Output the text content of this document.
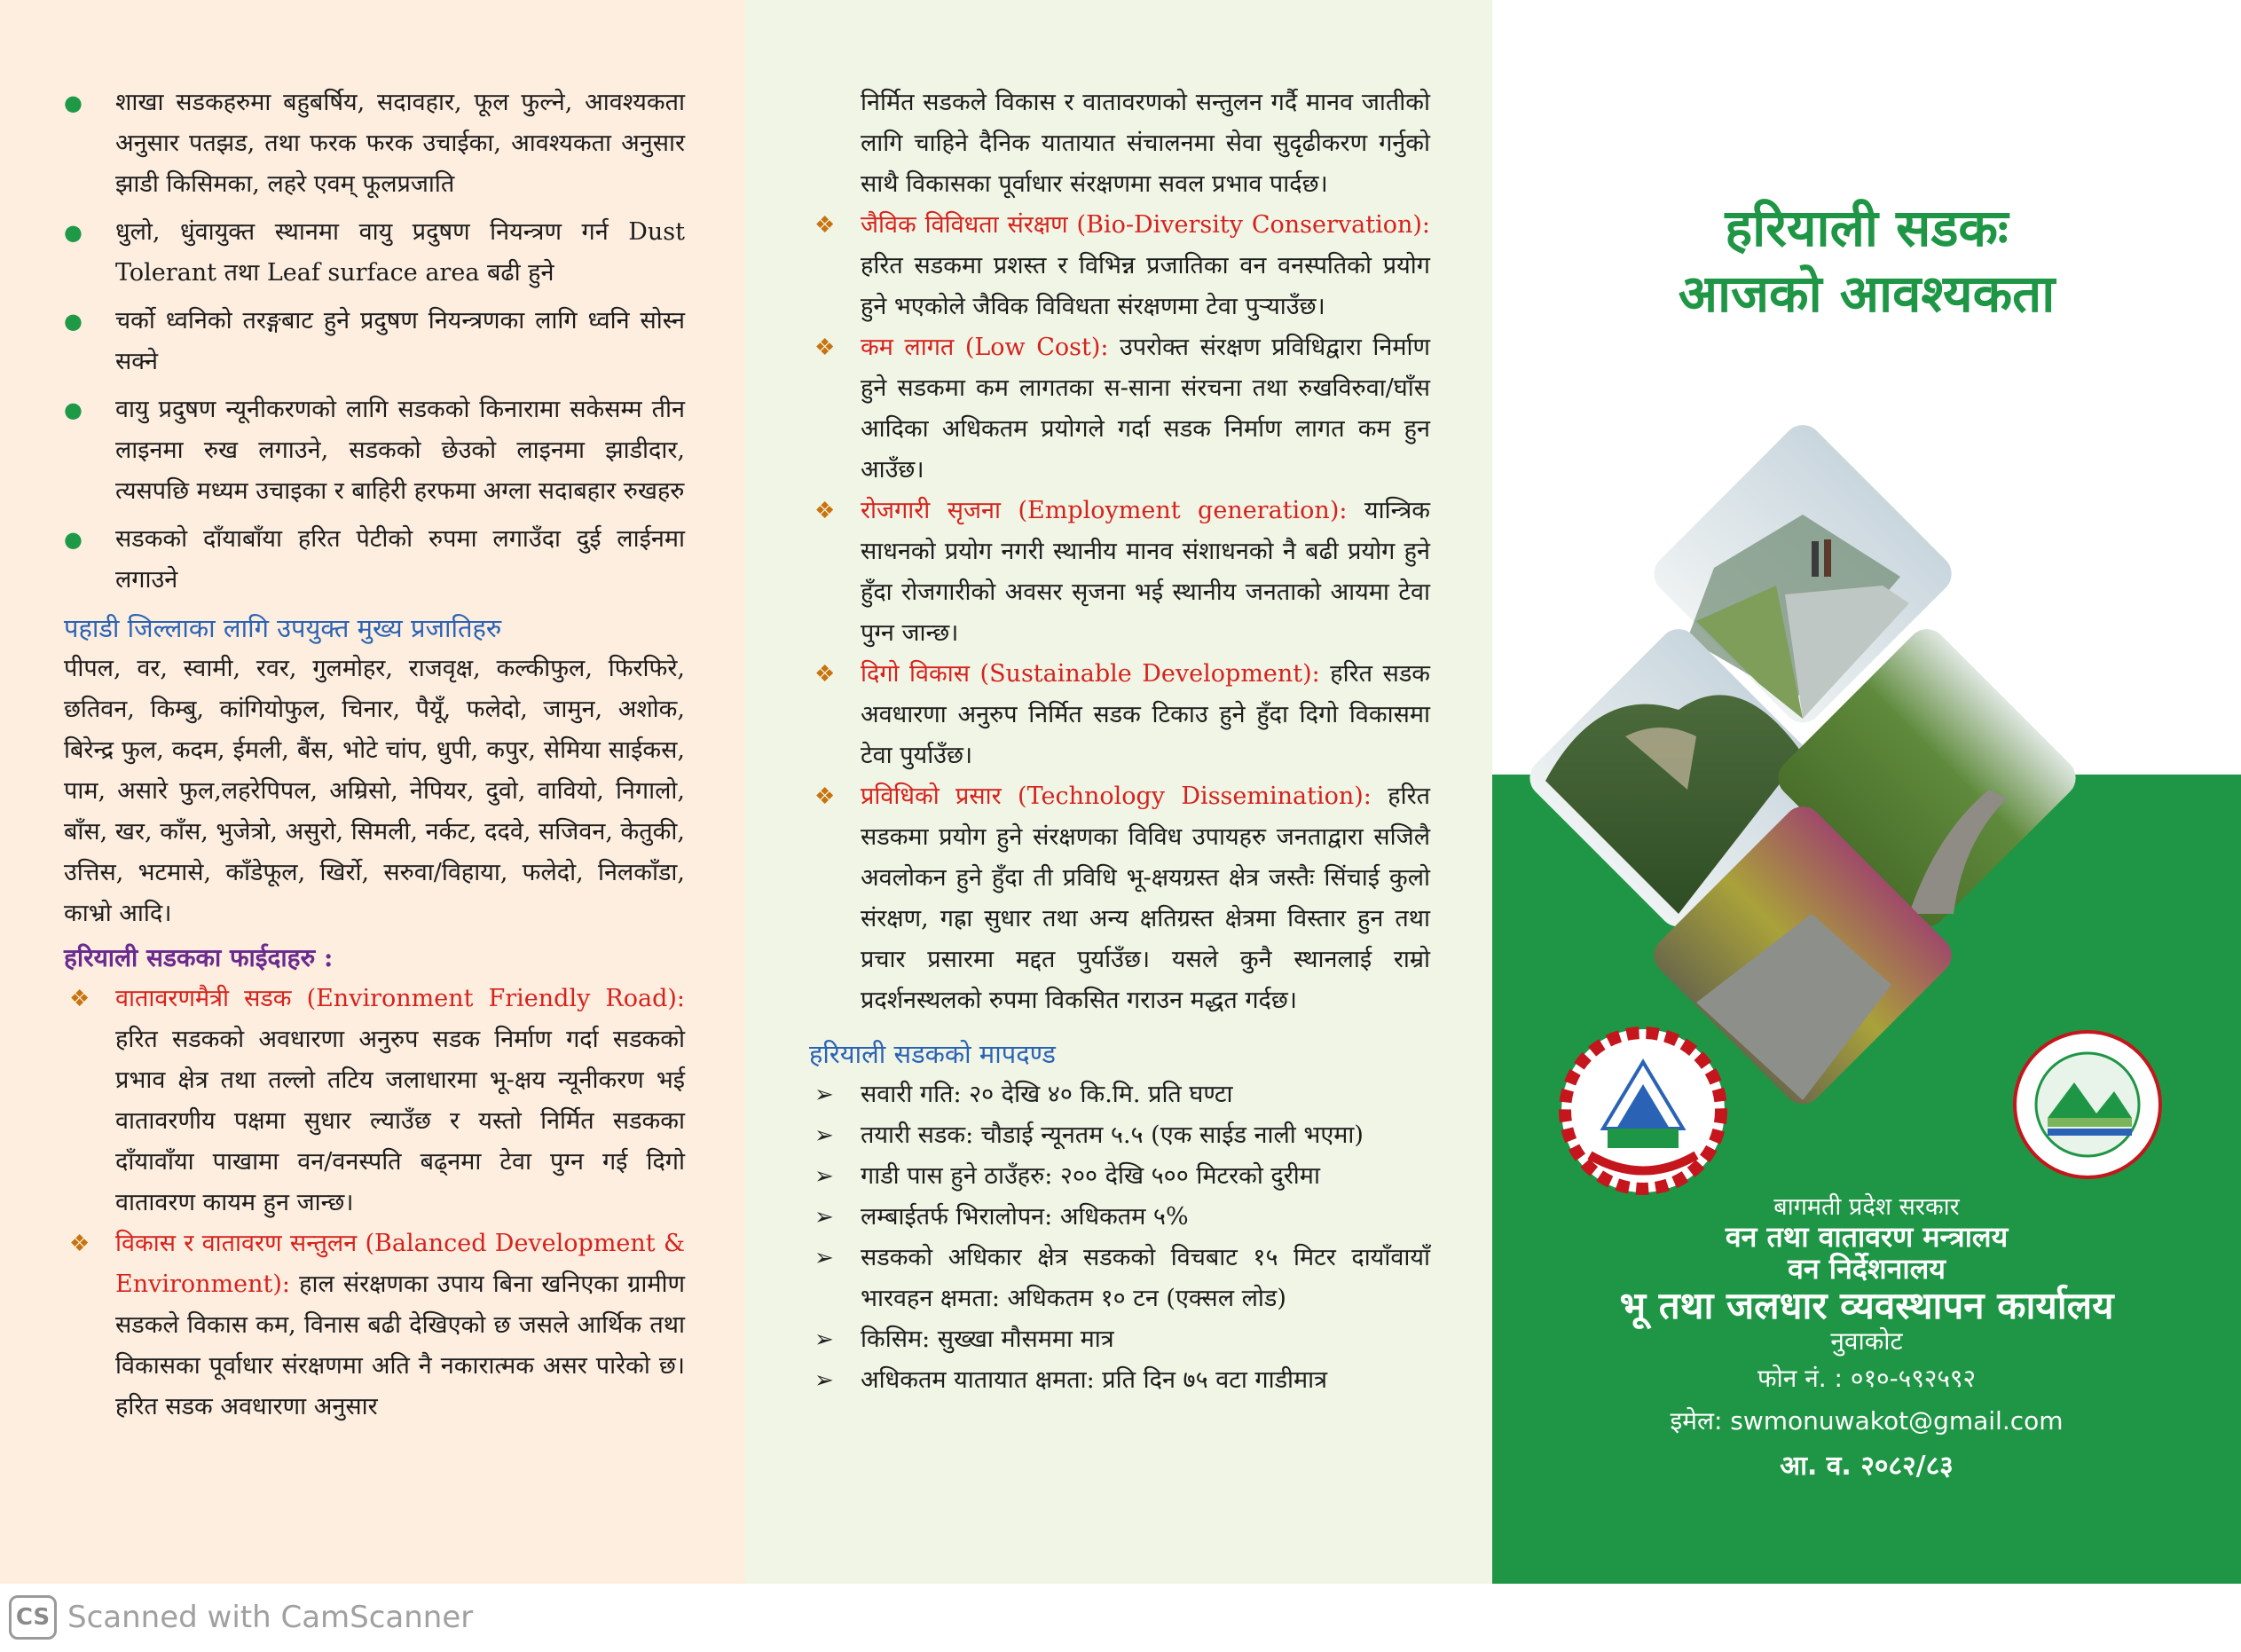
● शाखा सडकहरुमा बहुबर्षिय, सदावहार, फूल फुल्ने, आवश्यकता अनुसार पतझड, तथा फरक फरक उचाईका, आवश्यकता अनुसार झाडी किसिमका, लहरे एवम् फूलप्रजाति
● धुलो, धुंवायुक्त स्थानमा वायु प्रदुषण नियन्त्रण गर्न Dust Tolerant तथा Leaf surface area बढी हुने
● चर्को ध्वनिको तरङ्गबाट हुने प्रदुषण नियन्त्रणका लागि ध्वनि सोस्न सक्ने
● वायु प्रदुषण न्यूनीकरणको लागि सडकको किनारामा सकेसम्म तीन लाइनमा रुख लगाउने, सडकको छेउको लाइनमा झाडीदार, त्यसपछि मध्यम उचाइका र बाहिरी हरफमा अग्ला सदाबहार रुखहरु
● सडकको दाँयाबाँया हरित पेटीको रुपमा लगाउँदा दुई लाईनमा लगाउने
पहाडी जिल्लाका लागि उपयुक्त मुख्य प्रजातिहरु
पीपल, वर, स्वामी, रवर, गुलमोहर, राजवृक्ष, कल्कीफुल, फिरफिरे, छतिवन, किम्बु, कांगियोफुल, चिनार, पैयूँ, फलेदो, जामुन, अशोक, बिरेन्द्र फुल, कदम, ईमली, बैंस, भोटे चांप, धुपी, कपुर, सेमिया साईकस, पाम, असारे फुल,लहरेपिपल, अम्रिसो, नेपियर, दुवो, वावियो, निगालो, बाँस, खर, काँस, भुजेत्रो, असुरो, सिमली, नर्कट, ददवे, सजिवन, केतुकी, उत्तिस, भटमासे, काँडेफूल, खिर्रो, सरुवा/विहाया, फलेदो, निलकाँडा, काभ्रो आदि।
हरियाली सडकका फाईदाहरु :
❖ वातावरणमैत्री सडक (Environment Friendly Road): हरित सडकको अवधारणा अनुरुप सडक निर्माण गर्दा सडकको प्रभाव क्षेत्र तथा तल्लो तटिय जलाधारमा भू-क्षय न्यूनीकरण भई वातावरणीय पक्षमा सुधार ल्याउँछ र यस्तो निर्मित सडकका दाँयावाँया पाखामा वन/वनस्पति बढ्नमा टेवा पुग्न गई दिगो वातावरण कायम हुन जान्छ।
❖ विकास र वातावरण सन्तुलन (Balanced Development & Environment): हाल संरक्षणका उपाय बिना खनिएका ग्रामीण सडकले विकास कम, विनास बढी देखिएको छ जसले आर्थिक तथा विकासका पूर्वाधार संरक्षणमा अति नै नकारात्मक असर पारेको छ। हरित सडक अवधारणा अनुसार
निर्मित सडकले विकास र वातावरणको सन्तुलन गर्दै मानव जातीको लागि चाहिने दैनिक यातायात संचालनमा सेवा सुदृढीकरण गर्नुको साथै विकासका पूर्वाधार संरक्षणमा सवल प्रभाव पार्दछ।
❖ जैविक विविधता संरक्षण (Bio-Diversity Conservation): हरित सडकमा प्रशस्त र विभिन्न प्रजातिका वन वनस्पतिको प्रयोग हुने भएकोले जैविक विविधता संरक्षणमा टेवा पुऱ्याउँछ।
❖ कम लागत (Low Cost): उपरोक्त संरक्षण प्रविधिद्वारा निर्माण हुने सडकमा कम लागतका स-साना संरचना तथा रुखविरुवा/घाँस आदिका अधिकतम प्रयोगले गर्दा सडक निर्माण लागत कम हुन आउँछ।
❖ रोजगारी सृजना (Employment generation): यान्त्रिक साधनको प्रयोग नगरी स्थानीय मानव संशाधनको नै बढी प्रयोग हुने हुँदा रोजगारीको अवसर सृजना भई स्थानीय जनताको आयमा टेवा पुग्न जान्छ।
❖ दिगो विकास (Sustainable Development): हरित सडक अवधारणा अनुरुप निर्मित सडक टिकाउ हुने हुँदा दिगो विकासमा टेवा पुर्याउँछ।
❖ प्रविधिको प्रसार (Technology Dissemination): हरित सडकमा प्रयोग हुने संरक्षणका विविध उपायहरु जनताद्वारा सजिलै अवलोकन हुने हुँदा ती प्रविधि भू-क्षयग्रस्त क्षेत्र जस्तैः सिंचाई कुलो संरक्षण, गह्रा सुधार तथा अन्य क्षतिग्रस्त क्षेत्रमा विस्तार हुन तथा प्रचार प्रसारमा मद्दत पुर्याउँछ। यसले कुनै स्थानलाई राम्रो प्रदर्शनस्थलको रुपमा विकसित गराउन मद्धत गर्दछ।
हरियाली सडकको मापदण्ड
➢ सवारी गति: २० देखि ४० कि.मि. प्रति घण्टा
➢ तयारी सडक: चौडाई न्यूनतम ५.५ (एक साईड नाली भएमा)
➢ गाडी पास हुने ठाउँहरु: २०० देखि ५०० मिटरको दुरीमा
➢ लम्बाईतर्फ भिरालोपन: अधिकतम ५%
➢ सडकको अधिकार क्षेत्र सडकको विचबाट १५ मिटर दायाँवायाँ भारवहन क्षमता: अधिकतम १० टन (एक्सल लोड)
➢ किसिम: सुख्खा मौसममा मात्र
➢ अधिकतम यातायात क्षमता: प्रति दिन ७५ वटा गाडीमात्र
हरियाली सडकः
आजको आवश्यकता
बागमती प्रदेश सरकार
वन तथा वातावरण मन्त्रालय
वन निर्देशनालय
भू तथा जलधार व्यवस्थापन कार्यालय
नुवाकोट
फोन नं. : ०१०-५९२५९२
इमेल: swmonuwakot@gmail.com
आ. व. २०८२/८३
CS Scanned with CamScanner
